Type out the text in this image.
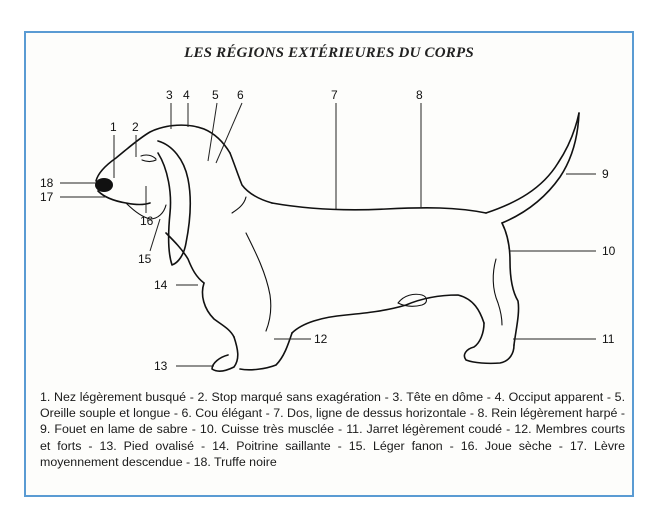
LES RÉGIONS EXTÉRIEURES DU CORPS
1 2
3 4 5 6	7	8
9
10
11
12
13
14
15
16
17
18
1. Nez légèrement busqué - 2. Stop marqué sans exagération - 3. Tête en dôme - 4. Occiput apparent - 5. Oreille souple et longue - 6. Cou élégant - 7. Dos, ligne de dessus horizontale - 8. Rein légèrement harpé - 9. Fouet en lame de sabre - 10. Cuisse très musclée - 11. Jarret légèrement coudé - 12. Membres courts et forts - 13. Pied ovalisé - 14. Poitrine saillante - 15. Léger fanon - 16. Joue sèche - 17. Lèvre moyennement descendue - 18. Truffe noire
